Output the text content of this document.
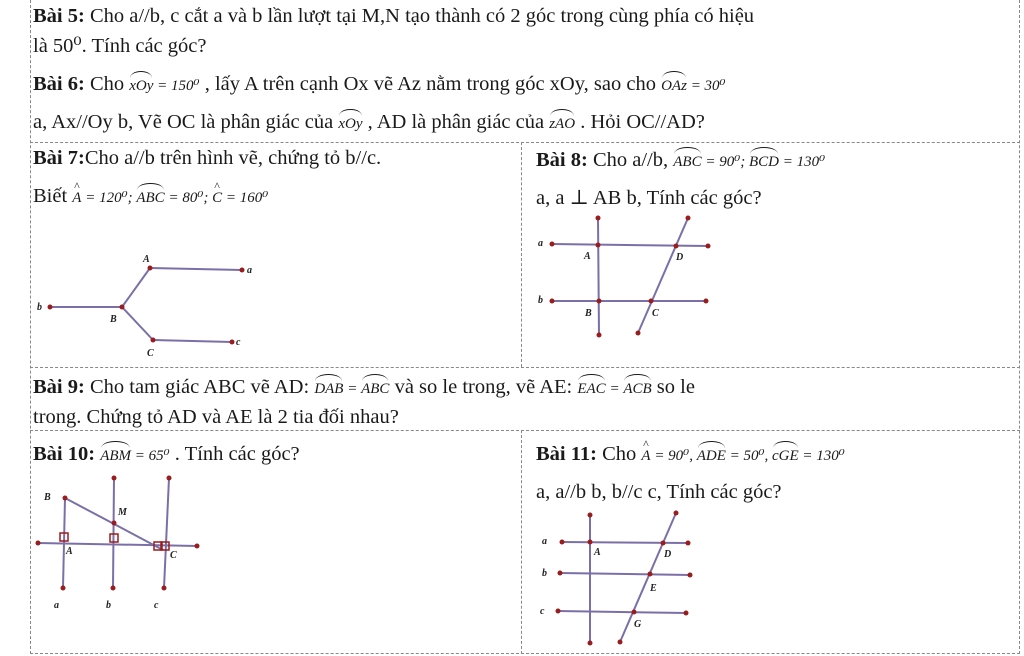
Bài 5: Cho a//b, c cắt a và b lần lượt tại M,N tạo thành có 2 góc trong cùng phía có hiệu
là 50⁰. Tính các góc?
Bài 6: Cho xOy = 150⁰ , lấy A trên cạnh Ox vẽ Az nằm trong góc xOy, sao cho OAz = 30⁰
a, Ax//Oy b, Vẽ OC là phân giác của xOy , AD là phân giác của zAO . Hỏi OC//AD?
Bài 7:Cho a//b trên hình vẽ, chứng tỏ b//c.
Biết ^ A = 120⁰; ABC = 80⁰; ^ C = 160⁰
A
B
C
a
b
c
Bài 8: Cho a//b, ABC = 90⁰; BCD = 130⁰
a, a ⊥ AB b, Tính các góc?
a
b
A
B	C
D
Bài 9: Cho tam giác ABC vẽ AD: DAB = ABC và so le trong, vẽ AE: EAC = ACB so le
trong. Chứng tỏ AD và AE là 2 tia đối nhau?
Bài 10: ABM = 65⁰ . Tính các góc?
B
M
A	C
a	b	c
Bài 11: Cho ^ A = 90⁰, ADE = 50⁰, cGE = 130⁰
a, a//b b, b//c c, Tính các góc?
a
b
c
A	D
E
G
